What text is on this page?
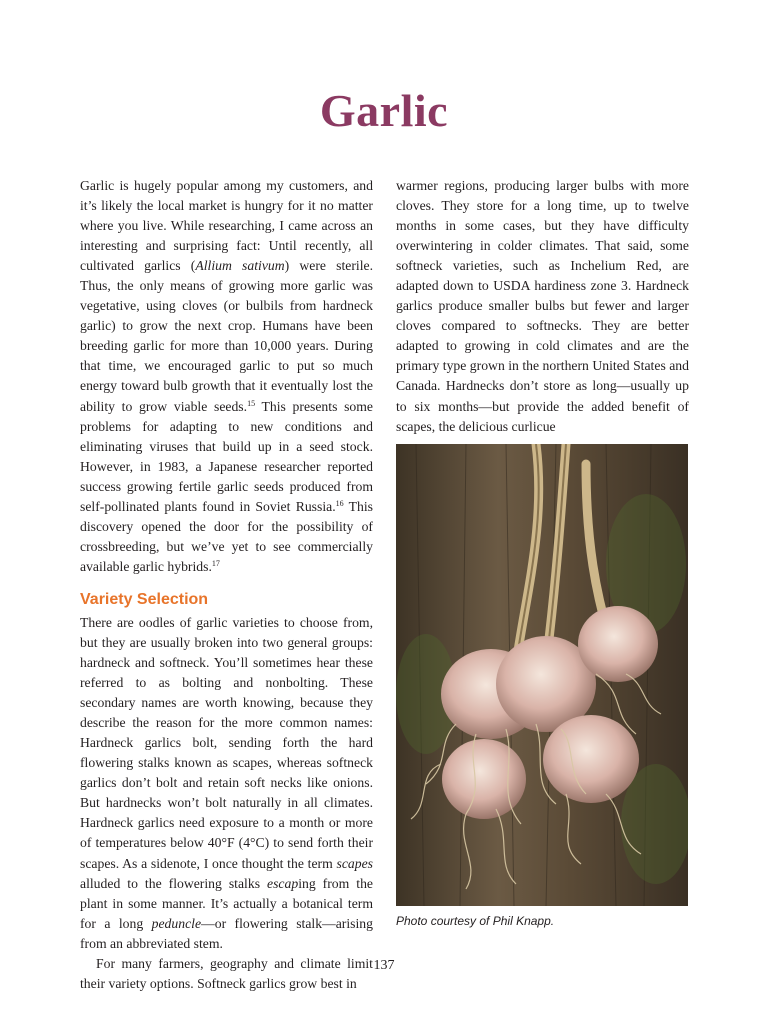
Garlic

Garlic is hugely popular among my customers, and it’s likely the local market is hungry for it no matter where you live. While researching, I came across an interesting and surprising fact: Until recently, all cultivated garlics (Allium sativum) were sterile. Thus, the only means of growing more garlic was vegetative, using cloves (or bulbils from hardneck garlic) to grow the next crop. Humans have been breeding garlic for more than 10,000 years. During that time, we encouraged garlic to put so much energy toward bulb growth that it eventually lost the ability to grow viable seeds.$^{15}$ This presents some problems for adapting to new conditions and eliminating viruses that build up in a seed stock. However, in 1983, a Japanese researcher reported success growing fertile garlic seeds produced from self-pollinated plants found in Soviet Russia.$^{16}$ This discovery opened the door for the possibility of crossbreeding, but we’ve yet to see commercially available garlic hybrids.$^{17}$

Variety Selection

There are oodles of garlic varieties to choose from, but they are usually broken into two general groups: hardneck and softneck. You’ll sometimes hear these referred to as bolting and nonbolting. These secondary names are worth knowing, because they describe the reason for the more common names: Hardneck garlics bolt, sending forth the hard flowering stalks known as scapes, whereas softneck garlics don’t bolt and retain soft necks like onions. But hardnecks won’t bolt naturally in all climates. Hardneck garlics need exposure to a month or more of temperatures below 40°F (4°C) to send forth their scapes. As a sidenote, I once thought the term scapes alluded to the flowering stalks escaping from the plant in some manner. It’s actually a botanical term for a long peduncle—or flowering stalk—arising from an abbreviated stem.

For many farmers, geography and climate limit their variety options. Softneck garlics grow best in

warmer regions, producing larger bulbs with more cloves. They store for a long time, up to twelve months in some cases, but they have difficulty overwintering in colder climates. That said, some softneck varieties, such as Inchelium Red, are adapted down to USDA hardiness zone 3. Hardneck garlics produce smaller bulbs but fewer and larger cloves compared to softnecks. They are better adapted to growing in cold climates and are the primary type grown in the northern United States and Canada. Hardnecks don’t store as long—usually up to six months—but provide the added benefit of scapes, the delicious curlicue

Photo courtesy of Phil Knapp.
137
